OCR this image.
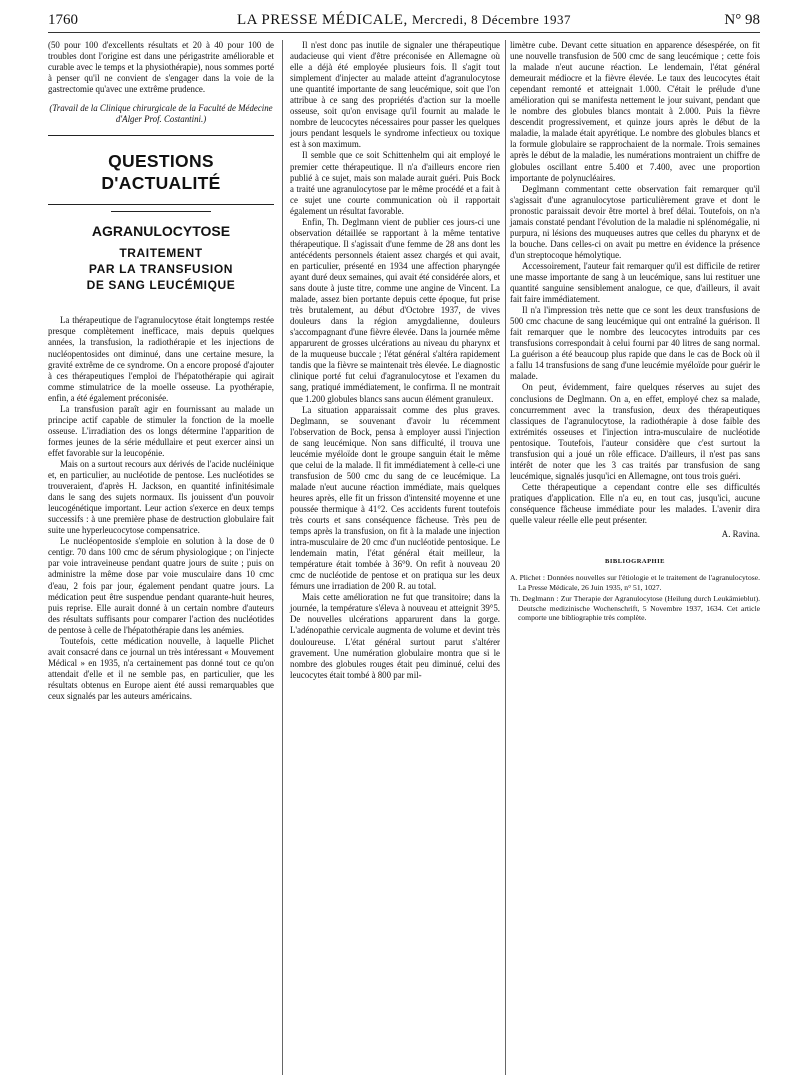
1760	LA PRESSE MÉDICALE, Mercredi, 8 Décembre 1937	N° 98

(50 pour 100 d'excellents résultats et 20 à 40 pour 100 de troubles dont l'origine est dans une périgastrite améliorable et curable avec le temps et la physiothérapie), nous sommes porté à penser qu'il ne convient de s'engager dans la voie de la gastrectomie qu'avec une extrême prudence.

(Travail de la Clinique chirurgicale de la Faculté de Médecine d'Alger Prof. Costantini.)

QUESTIONS D'ACTUALITÉ
AGRANULOCYTOSE
TRAITEMENT
PAR LA TRANSFUSION
DE SANG LEUCÉMIQUE

La thérapeutique de l'agranulocytose était longtemps restée presque complètement inefficace, mais depuis quelques années, la transfusion, la radiothérapie et les injections de nucléopentosides ont diminué, dans une certaine mesure, la gravité extrême de ce syndrome. On a encore proposé d'ajouter à ces thérapeutiques l'emploi de l'hépatothérapie qui agirait comme stimulatrice de la moelle osseuse. La pyothérapie, enfin, a été également préconisée.

La transfusion paraît agir en fournissant au malade un principe actif capable de stimuler la fonction de la moelle osseuse. L'irradiation des os longs détermine l'apparition de formes jeunes de la série médullaire et peut exercer ainsi un effet favorable sur la leucopénie.

Mais on a surtout recours aux dérivés de l'acide nucléinique et, en particulier, au nucléotide de pentose. Les nucléotides se trouveraient, d'après H. Jackson, en quantité infinitésimale dans le sang des sujets normaux. Ils jouissent d'un pouvoir leucogénétique important. Leur action s'exerce en deux temps successifs : à une première phase de destruction globulaire fait suite une hyperleucocytose compensatrice.

Le nucléopentoside s'emploie en solution à la dose de 0 centigr. 70 dans 100 cmc de sérum physiologique ; on l'injecte par voie intraveineuse pendant quatre jours de suite ; puis on administre la même dose par voie musculaire dans 10 cmc d'eau, 2 fois par jour, également pendant quatre jours. La médication peut être suspendue pendant quarante-huit heures, puis reprise. Elle aurait donné à un certain nombre d'auteurs des résultats suffisants pour comparer l'action des nucléotides de pentose à celle de l'hépatothérapie dans les anémies.

Toutefois, cette médication nouvelle, à laquelle Plichet avait consacré dans ce journal un très intéressant « Mouvement Médical » en 1935, n'a certainement pas donné tout ce qu'on attendait d'elle et il ne semble pas, en particulier, que les résultats obtenus en Europe aient été aussi remarquables que ceux signalés par les auteurs américains.

Il n'est donc pas inutile de signaler une thérapeutique audacieuse qui vient d'être préconisée en Allemagne où elle a déjà été employée plusieurs fois. Il s'agit tout simplement d'injecter au malade atteint d'agranulocytose une quantité importante de sang leucémique, soit que l'on attribue à ce sang des propriétés d'action sur la moelle osseuse, soit qu'on envisage qu'il fournit au malade le nombre de leucocytes nécessaires pour passer les quelques jours pendant lesquels le syndrome infectieux ou toxique est à son maximum.

Il semble que ce soit Schittenhelm qui ait employé le premier cette thérapeutique. Il n'a d'ailleurs encore rien publié à ce sujet, mais son malade aurait guéri. Puis Bock a traité une agranulocytose par le même procédé et a fait à ce sujet une courte communication où il rapportait également un résultat favorable.

Enfin, Th. Deglmann vient de publier ces jours-ci une observation détaillée se rapportant à la même tentative thérapeutique. Il s'agissait d'une femme de 28 ans dont les antécédents personnels étaient assez chargés et qui avait, en particulier, présenté en 1934 une affection pharyngée ayant duré deux semaines, qui avait été considérée alors, et sans doute à juste titre, comme une angine de Vincent. La malade, assez bien portante depuis cette époque, fut prise très brutalement, au début d'Octobre 1937, de vives douleurs dans la région amygdalienne, douleurs s'accompagnant d'une fièvre élevée. Dans la journée même apparurent de grosses ulcérations au niveau du pharynx et de la muqueuse buccale ; l'état général s'altéra rapidement tandis que la fièvre se maintenait très élevée. Le diagnostic clinique porté fut celui d'agranulocytose et l'examen du sang, pratiqué immédiatement, le confirma. Il ne montrait que 1.200 globules blancs sans aucun élément granuleux.

La situation apparaissait comme des plus graves. Deglmann, se souvenant d'avoir lu récemment l'observation de Bock, pensa à employer aussi l'injection de sang leucémique. Non sans difficulté, il trouva une leucémie myéloïde dont le groupe sanguin était le même que celui de la malade. Il fit immédiatement à celle-ci une transfusion de 500 cmc du sang de ce leucémique. La malade n'eut aucune réaction immédiate, mais quelques heures après, elle fit un frisson d'intensité moyenne et une poussée thermique à 41°2. Ces accidents furent toutefois très courts et sans conséquence fâcheuse. Très peu de temps après la transfusion, on fit à la malade une injection intra-musculaire de 20 cmc d'un nucléotide pentosique. Le lendemain matin, l'état général était meilleur, la température était tombée à 36°9. On refit à nouveau 20 cmc de nucléotide de pentose et on pratiqua sur les deux fémurs une irradiation de 200 R. au total.

Mais cette amélioration ne fut que transitoire; dans la journée, la température s'éleva à nouveau et atteignit 39°5. De nouvelles ulcérations apparurent dans la gorge. L'adénopathie cervicale augmenta de volume et devint très douloureuse. L'état général surtout parut s'altérer gravement. Une numération globulaire montra que si le nombre des globules rouges était peu diminué, celui des leucocytes était tombé à 800 par mil-

limètre cube. Devant cette situation en apparence désespérée, on fit une nouvelle transfusion de 500 cmc de sang leucémique ; cette fois la malade n'eut aucune réaction. Le lendemain, l'état général demeurait médiocre et la fièvre élevée. Le taux des leucocytes était cependant remonté et atteignait 1.000. C'était le prélude d'une amélioration qui se manifesta nettement le jour suivant, pendant que le nombre des globules blancs montait à 2.000. Puis la fièvre descendit progressivement, et quinze jours après le début de la maladie, la malade était apyrétique. Le nombre des globules blancs et la formule globulaire se rapprochaient de la normale. Trois semaines après le début de la maladie, les numérations montraient un chiffre de globules oscillant entre 5.400 et 7.400, avec une proportion importante de polynucléaires.

Deglmann commentant cette observation fait remarquer qu'il s'agissait d'une agranulocytose particulièrement grave et dont le pronostic paraissait devoir être mortel à bref délai. Toutefois, on n'a jamais constaté pendant l'évolution de la maladie ni splénomégalie, ni purpura, ni lésions des muqueuses autres que celles du pharynx et de la bouche. Dans celles-ci on avait pu mettre en évidence la présence d'un streptocoque hémolytique.

Accessoirement, l'auteur fait remarquer qu'il est difficile de retirer une masse importante de sang à un leucémique, sans lui restituer une quantité sanguine sensiblement analogue, ce que, d'ailleurs, il avait fait faire immédiatement.

Il n'a l'impression très nette que ce sont les deux transfusions de 500 cmc chacune de sang leucémique qui ont entraîné la guérison. Il fait remarquer que le nombre des leucocytes introduits par ces transfusions correspondait à celui fourni par 40 litres de sang normal. La guérison a été beaucoup plus rapide que dans le cas de Bock où il a fallu 14 transfusions de sang d'une leucémie myéloïde pour guérir le malade.

On peut, évidemment, faire quelques réserves au sujet des conclusions de Deglmann. On a, en effet, employé chez sa malade, concurremment avec la transfusion, deux des thérapeutiques classiques de l'agranulocytose, la radiothérapie à dose faible des extrémités osseuses et l'injection intra-musculaire de nucléotide pentosique. Toutefois, l'auteur considère que c'est surtout la transfusion qui a joué un rôle efficace. D'ailleurs, il n'est pas sans intérêt de noter que les 3 cas traités par transfusion de sang leucémique, signalés jusqu'ici en Allemagne, ont tous trois guéri.

Cette thérapeutique a cependant contre elle ses difficultés pratiques d'application. Elle n'a eu, en tout cas, jusqu'ici, aucune conséquence fâcheuse immédiate pour les malades. L'avenir dira quelle valeur réelle elle peut présenter.

A. Ravina.

BIBLIOGRAPHIE

A. Plichet : Données nouvelles sur l'étiologie et le traitement de l'agranulocytose. La Presse Médicale, 26 Juin 1935, n° 51, 1027.

Th. Deglmann : Zur Therapie der Agranulocytose (Heilung durch Leukämieblut). Deutsche medizinische Wochenschrift, 5 Novembre 1937, 1634. Cet article comporte une bibliographie très complète.
